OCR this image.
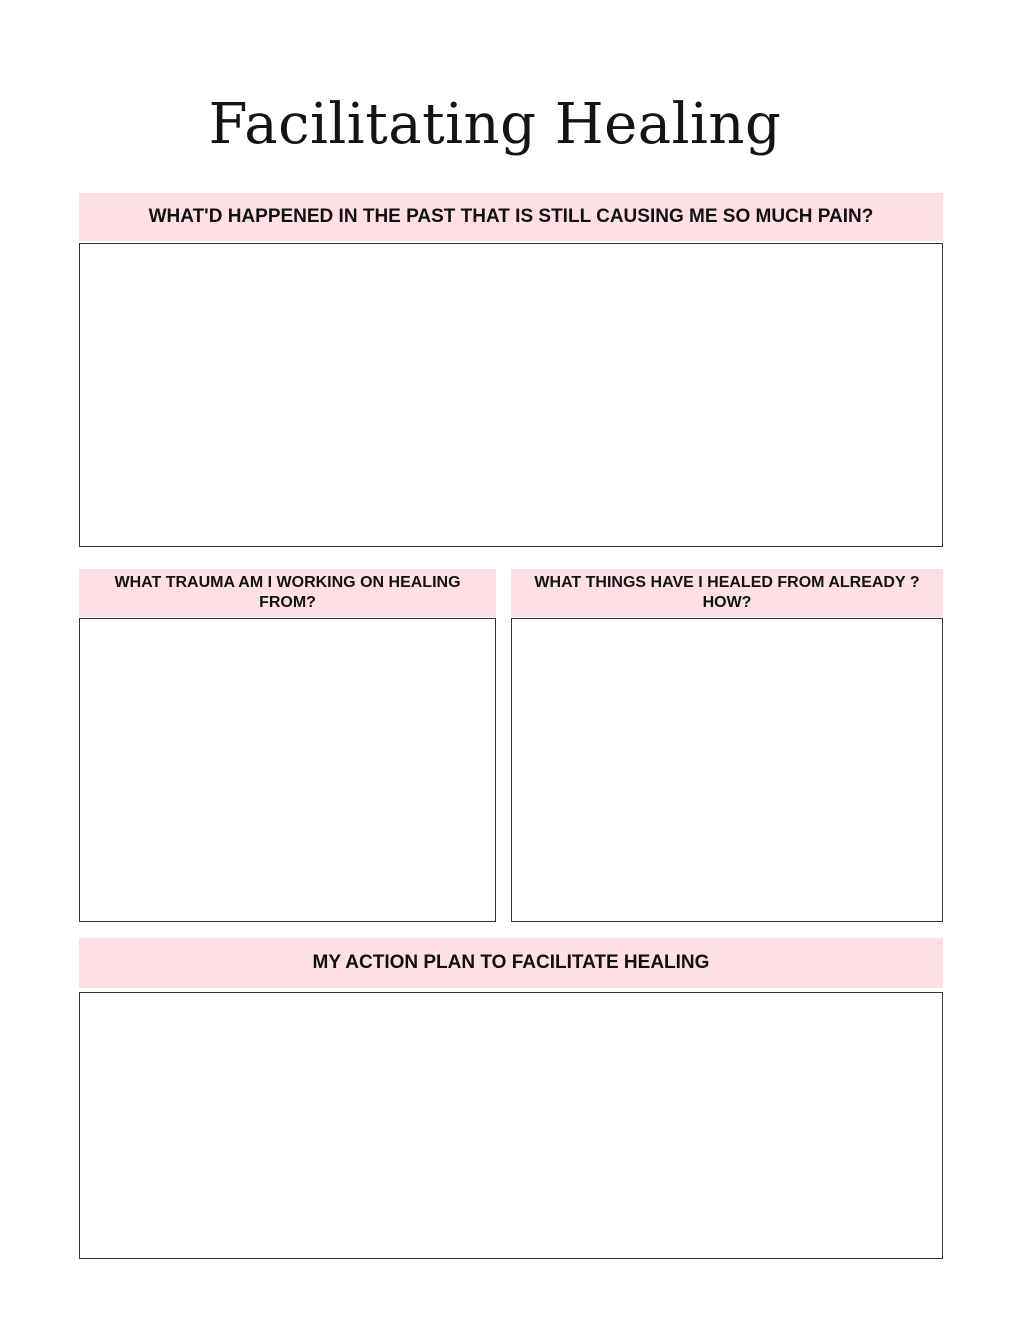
Facilitating Healing
WHAT'D HAPPENED IN THE PAST THAT IS STILL CAUSING ME SO MUCH PAIN?
WHAT TRAUMA AM I WORKING ON HEALING FROM?
WHAT THINGS HAVE I HEALED FROM ALREADY ? HOW?
MY ACTION PLAN TO FACILITATE HEALING
